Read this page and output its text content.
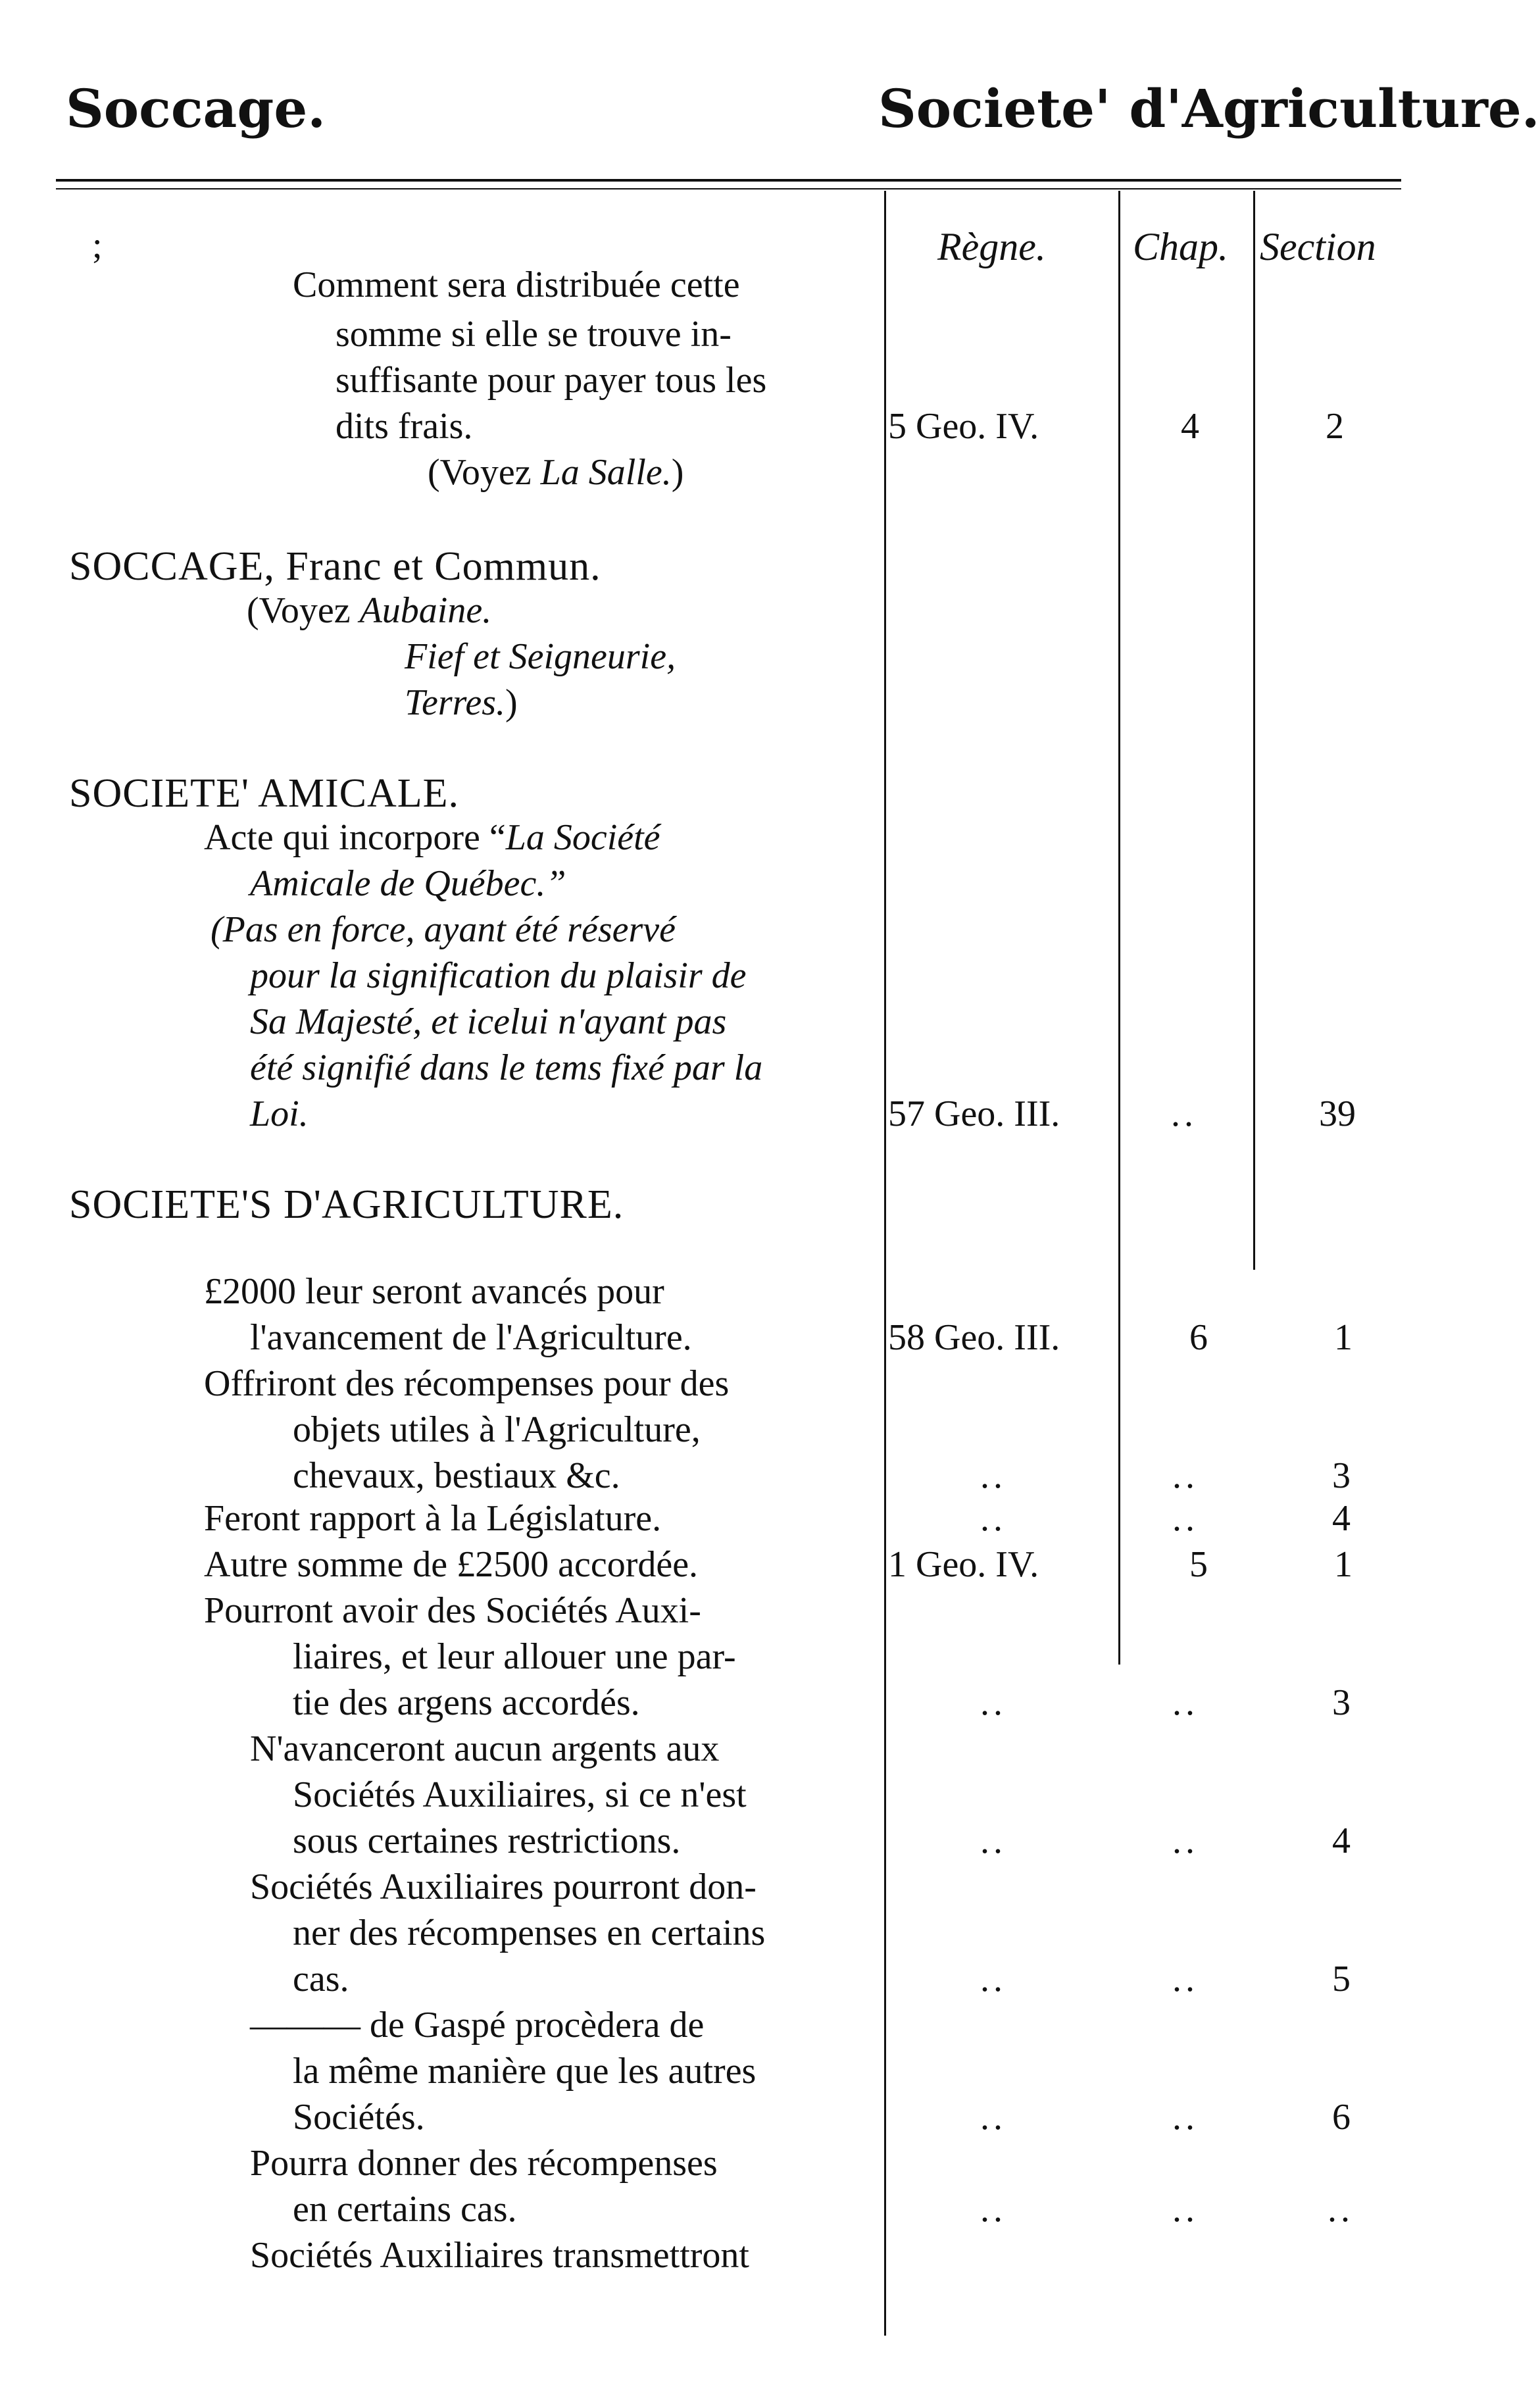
Soccage.	Societe' d'Agriculture.
Règne. Chap. Section
;
Comment sera distribuée cette
somme si elle se trouve in-
suffisante pour payer tous les
dits frais.	5 Geo. IV.	4	2
(Voyez La Salle.)
SOCCAGE, Franc et Commun.
(Voyez Aubaine.
Fief et Seigneurie,
Terres.)
SOCIETE' AMICALE.
Acte qui incorpore “La Société
Amicale de Québec.”
(Pas en force, ayant été réservé
pour la signification du plaisir de
Sa Majesté, et icelui n'ayant pas
été signifié dans le tems fixé par la
Loi.	57 Geo. III.	..	39
SOCIETE'S D'AGRICULTURE.
£2000 leur seront avancés pour
l'avancement de l'Agriculture.	58 Geo. III.	6	1
Offriront des récompenses pour des
objets utiles à l'Agriculture,
chevaux, bestiaux &c.	..	..	3
Feront rapport à la Législature.	..	..	4
Autre somme de £2500 accordée.	1 Geo. IV.	5	1
Pourront avoir des Sociétés Auxi-
liaires, et leur allouer une par-
tie des argens accordés.	..	..	3
N'avanceront aucun argents aux
Sociétés Auxiliaires, si ce n'est
sous certaines restrictions.	..	..	4
Sociétés Auxiliaires pourront don-
ner des récompenses en certains
cas.	..	..	5
——— de Gaspé procèdera de
la même manière que les autres
Sociétés.	..	..	6
Pourra donner des récompenses
en certains cas.	..	..	..
Sociétés Auxiliaires transmettront
